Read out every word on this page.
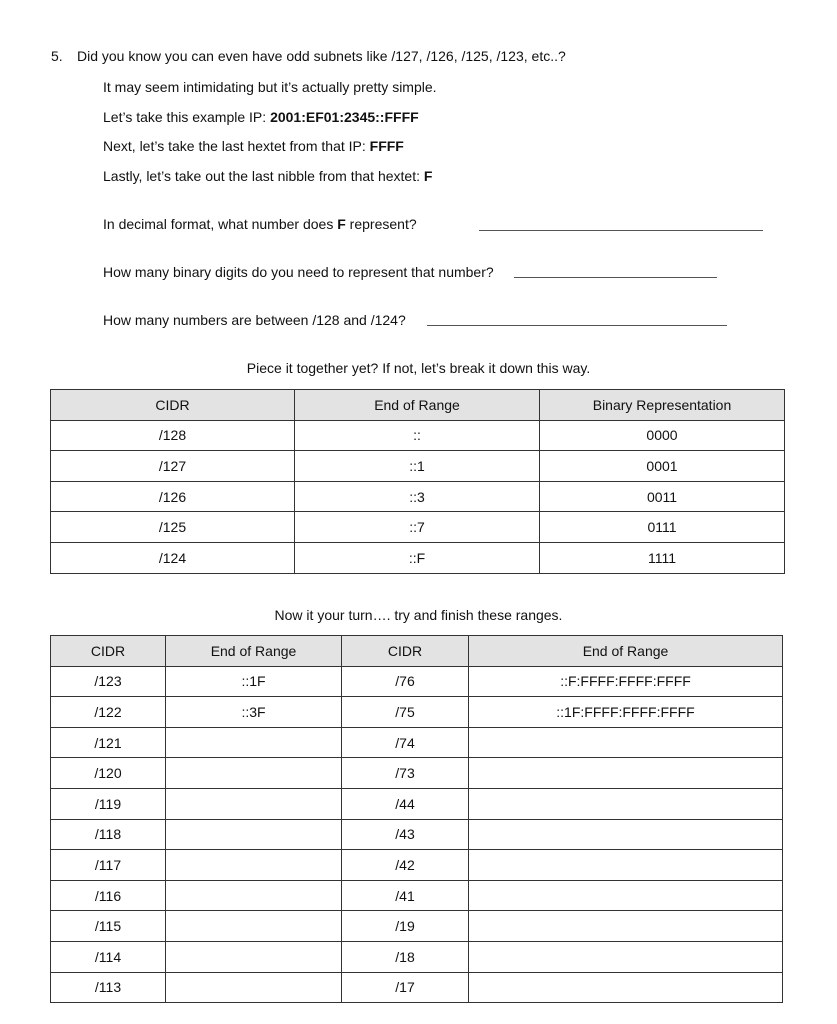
5. Did you know you can even have odd subnets like /127, /126, /125, /123, etc..?
It may seem intimidating but it’s actually pretty simple.
Let’s take this example IP: 2001:EF01:2345::FFFF
Next, let’s take the last hextet from that IP: FFFF
Lastly, let’s take out the last nibble from that hextet: F
In decimal format, what number does F represent?
How many binary digits do you need to represent that number?
How many numbers are between /128 and /124?
Piece it together yet? If not, let’s break it down this way.
CIDR	End of Range	Binary Representation
/128	::	0000
/127	::1	0001
/126	::3	0011
/125	::7	0111
/124	::F	1111
Now it your turn…. try and finish these ranges.
CIDR	End of Range	CIDR	End of Range
/123	::1F	/76	::F:FFFF:FFFF:FFFF
/122	::3F	/75	::1F:FFFF:FFFF:FFFF
/121		/74	
/120		/73	
/119		/44	
/118		/43	
/117		/42	
/116		/41	
/115		/19	
/114		/18	
/113		/17	
